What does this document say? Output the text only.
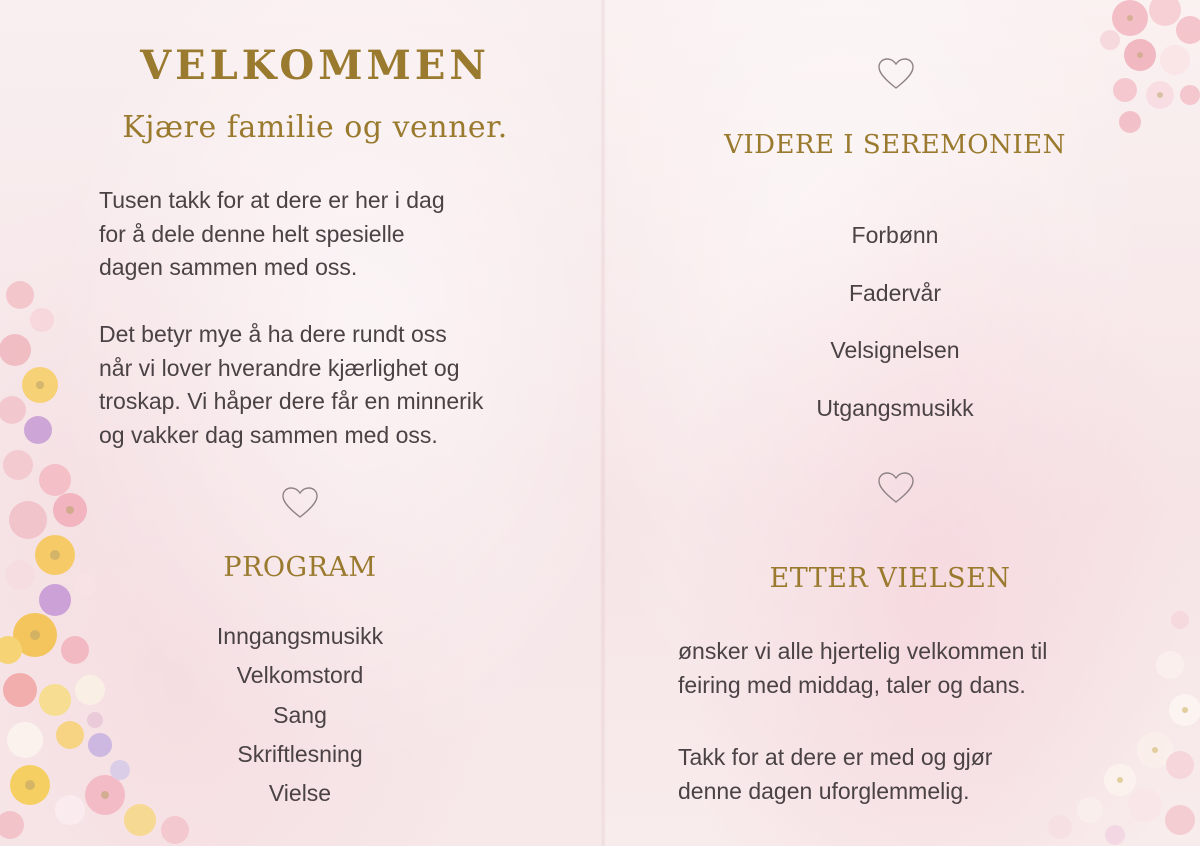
VELKOMMEN
Kjære familie og venner.

Tusen takk for at dere er her i dag
for å dele denne helt spesielle
dagen sammen med oss.

Det betyr mye å ha dere rundt oss
når vi lover hverandre kjærlighet og
troskap. Vi håper dere får en minnerik
og vakker dag sammen med oss.

PROGRAM
Inngangsmusikk
Velkomstord
Sang
Skriftlesning
Vielse
VIDERE I SEREMONIEN
Forbønn
Fadervår
Velsignelsen
Utgangsmusikk
ETTER VIELSEN

ønsker vi alle hjertelig velkommen til
feiring med middag, taler og dans.

Takk for at dere er med og gjør
denne dagen uforglemmelig.
